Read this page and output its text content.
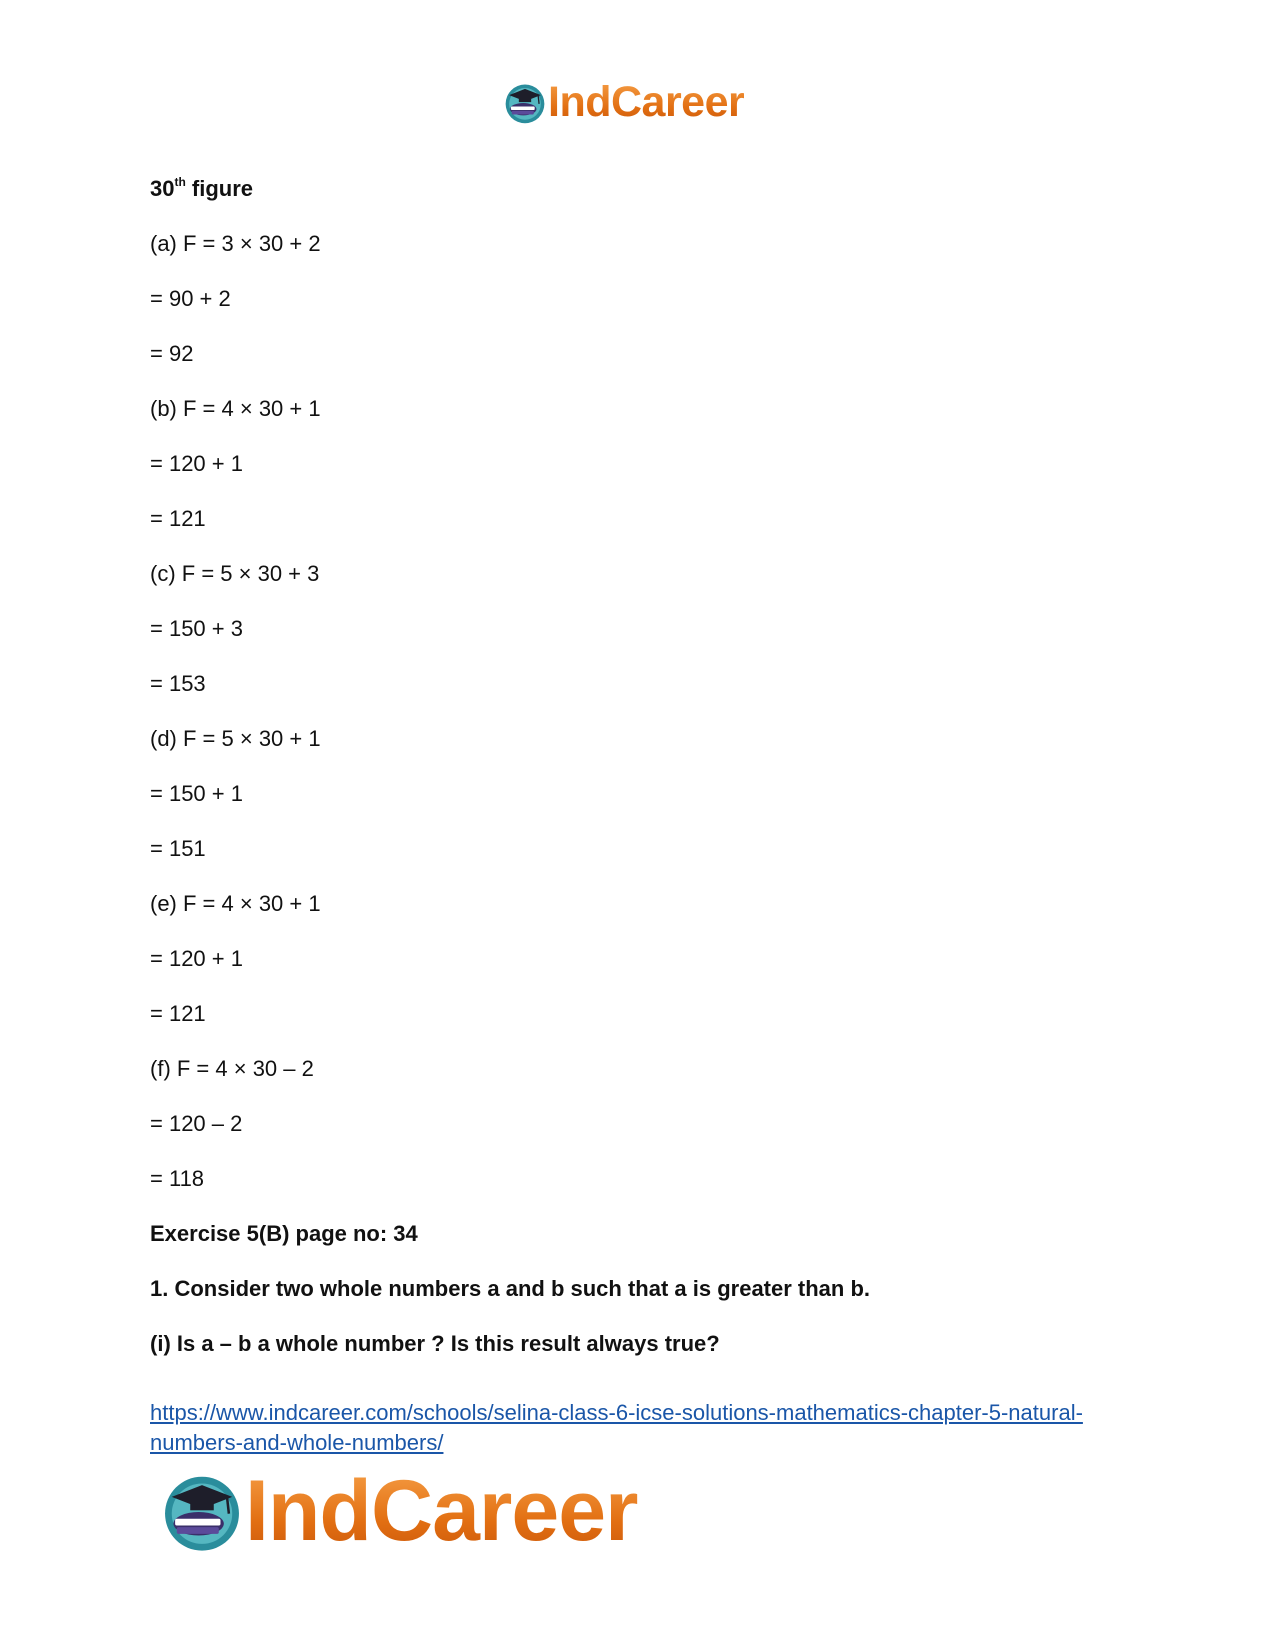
IndCareer
30th figure
(a) F = 3 × 30 + 2
= 90 + 2
= 92
(b) F = 4 × 30 + 1
= 120 + 1
= 121
(c) F = 5 × 30 + 3
= 150 + 3
= 153
(d) F = 5 × 30 + 1
= 150 + 1
= 151
(e) F = 4 × 30 + 1
= 120 + 1
= 121
(f) F = 4 × 30 – 2
= 120 – 2
= 118
Exercise 5(B) page no: 34
1. Consider two whole numbers a and b such that a is greater than b.
(i) Is a – b a whole number ? Is this result always true?
https://www.indcareer.com/schools/selina-class-6-icse-solutions-mathematics-chapter-5-natural-
numbers-and-whole-numbers/
IndCareer
